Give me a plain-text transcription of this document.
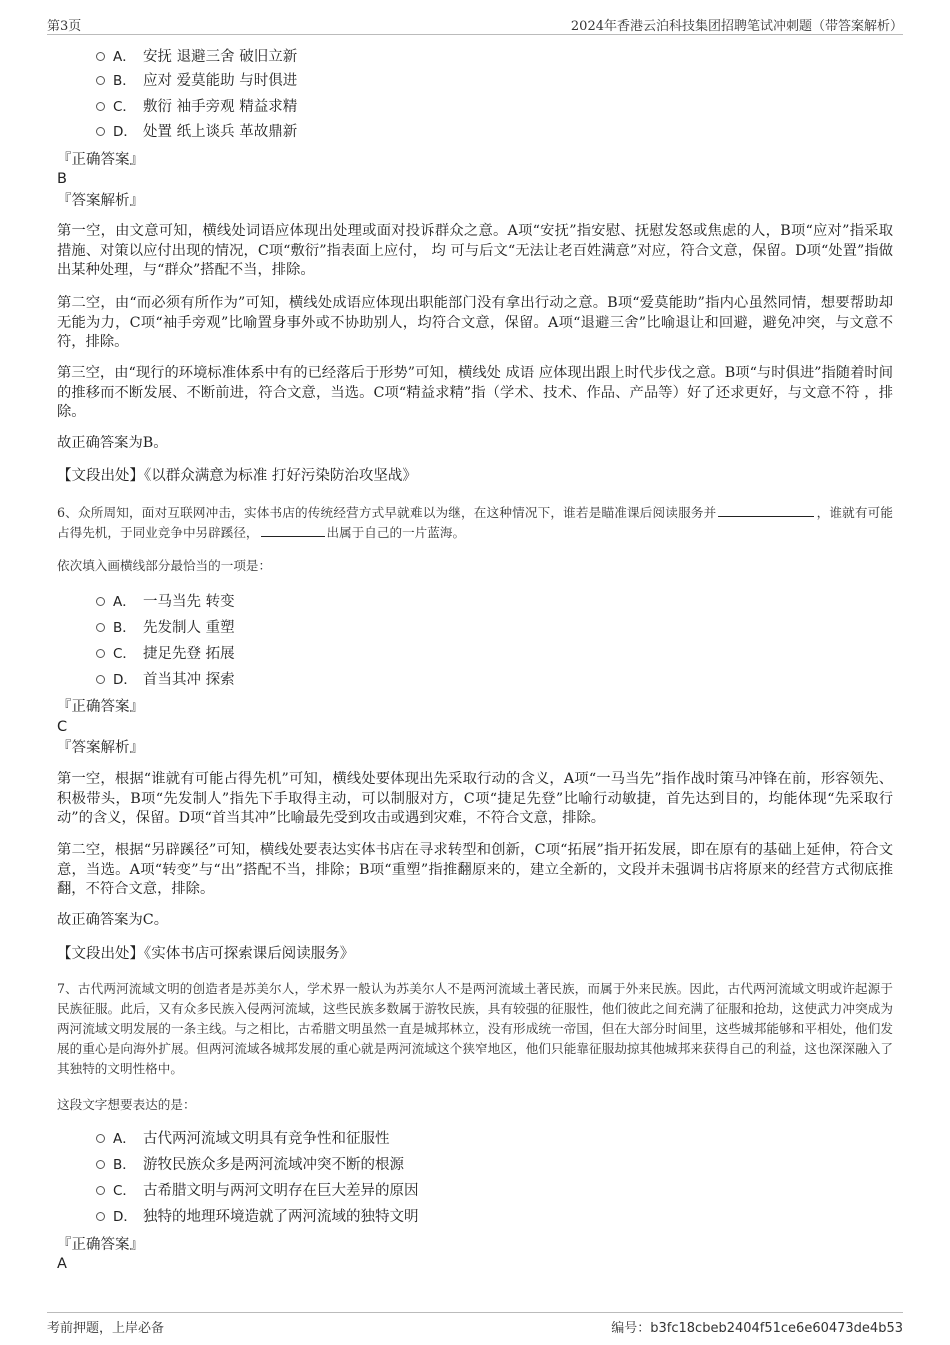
第3页	2024年香港云泊科技集团招聘笔试冲刺题（带答案解析）
A． 安抚 退避三舍 破旧立新
B． 应对 爱莫能助 与时俱进
C． 敷衍 袖手旁观 精益求精
D． 处置 纸上谈兵 革故鼎新
『正确答案』
B
『答案解析』
第一空，由文意可知，横线处词语应体现出处理或面对投诉群众之意。A项“安抚”指安慰、抚慰发怒或焦虑的人，B项“应对”指采取措施、对策以应付出现的情况，C项“敷衍”指表面上应付， 均 可与后文“无法让老百姓满意”对应，符合文意，保留。D项“处置”指做出某种处理，与“群众”搭配不当，排除。
第二空，由“而必须有所作为”可知，横线处成语应体现出职能部门没有拿出行动之意。B项“爱莫能助”指内心虽然同情，想要帮助却无能为力，C项“袖手旁观”比喻置身事外或不协助别人，均符合文意，保留。A项“退避三舍”比喻退让和回避，避免冲突，与文意不符，排除。
第三空，由“现行的环境标准体系中有的已经落后于形势”可知，横线处 成语 应体现出跟上时代步伐之意。B项“与时俱进”指随着时间的推移而不断发展、不断前进，符合文意，当选。C项“精益求精”指（学术、技术、作品、产品等）好了还求更好，与文意不符 ，排除。
故正确答案为B。
【文段出处】《以群众满意为标准 打好污染防治攻坚战》
6、众所周知，面对互联网冲击，实体书店的传统经营方式早就难以为继，在这种情况下，谁若是瞄准课后阅读服务并	，谁就有可能占得先机，于同业竞争中另辟蹊径，	出属于自己的一片蓝海。
依次填入画横线部分最恰当的一项是：
A． 一马当先 转变
B． 先发制人 重塑
C． 捷足先登 拓展
D． 首当其冲 探索
『正确答案』
C
『答案解析』
第一空，根据“谁就有可能占得先机”可知，横线处要体现出先采取行动的含义，A项“一马当先”指作战时策马冲锋在前，形容领先、积极带头，B项“先发制人”指先下手取得主动，可以制服对方，C项“捷足先登”比喻行动敏捷，首先达到目的，均能体现“先采取行动”的含义，保留。D项“首当其冲”比喻最先受到攻击或遇到灾难，不符合文意，排除。
第二空，根据“另辟蹊径”可知，横线处要表达实体书店在寻求转型和创新，C项“拓展”指开拓发展，即在原有的基础上延伸，符合文意，当选。A项“转变”与“出”搭配不当，排除；B项“重塑”指推翻原来的，建立全新的，文段并未强调书店将原来的经营方式彻底推翻，不符合文意，排除。
故正确答案为C。
【文段出处】《实体书店可探索课后阅读服务》
7、古代两河流域文明的创造者是苏美尔人，学术界一般认为苏美尔人不是两河流域土著民族，而属于外来民族。因此，古代两河流域文明或许起源于民族征服。此后，又有众多民族入侵两河流域，这些民族多数属于游牧民族，具有较强的征服性，他们彼此之间充满了征服和抢劫，这使武力冲突成为两河流域文明发展的一条主线。与之相比，古希腊文明虽然一直是城邦林立，没有形成统一帝国，但在大部分时间里，这些城邦能够和平相处，他们发展的重心是向海外扩展。但两河流域各城邦发展的重心就是两河流域这个狭窄地区，他们只能靠征服劫掠其他城邦来获得自己的利益，这也深深融入了其独特的文明性格中。
这段文字想要表达的是：
A． 古代两河流域文明具有竞争性和征服性
B． 游牧民族众多是两河流域冲突不断的根源
C． 古希腊文明与两河文明存在巨大差异的原因
D． 独特的地理环境造就了两河流域的独特文明
『正确答案』
A
考前押题，上岸必备	编号：b3fc18cbeb2404f51ce6e60473de4b53
